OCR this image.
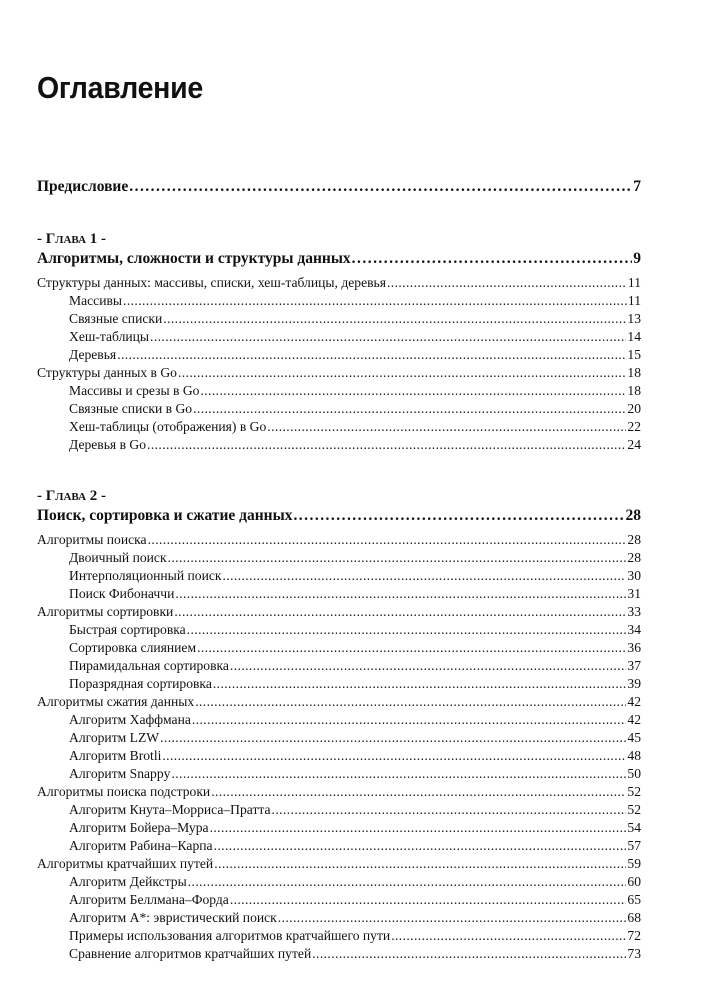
Оглавление
Предисловие . . .	7
- Глава 1 -
Алгоритмы, сложности и структуры данных . . .	9
Структуры данных: массивы, списки, хеш-таблицы, деревья . . .	11
Массивы . . .	11
Связные списки . . .	13
Хеш-таблицы . . .	14
Деревья . . .	15
Структуры данных в Go . . .	18
Массивы и срезы в Go . . .	18
Связные списки в Go . . .	20
Хеш-таблицы (отображения) в Go . . .	22
Деревья в Go . . .	24
- Глава 2 -
Поиск, сортировка и сжатие данных . . .	28
Алгоритмы поиска . . .	28
Двоичный поиск . . .	28
Интерполяционный поиск . . .	30
Поиск Фибоначчи . . .	31
Алгоритмы сортировки . . .	33
Быстрая сортировка . . .	34
Сортировка слиянием . . .	36
Пирамидальная сортировка . . .	37
Поразрядная сортировка . . .	39
Алгоритмы сжатия данных . . .	42
Алгоритм Хаффмана . . .	42
Алгоритм LZW . . .	45
Алгоритм Brotli . . .	48
Алгоритм Snappy . . .	50
Алгоритмы поиска подстроки . . .	52
Алгоритм Кнута–Морриса–Пратта . . .	52
Алгоритм Бойера–Мура . . .	54
Алгоритм Рабина–Карпа . . .	57
Алгоритмы кратчайших путей . . .	59
Алгоритм Дейкстры . . .	60
Алгоритм Беллмана–Форда . . .	65
Алгоритм A*: эвристический поиск . . .	68
Примеры использования алгоритмов кратчайшего пути . . .	72
Сравнение алгоритмов кратчайших путей . . .	73
